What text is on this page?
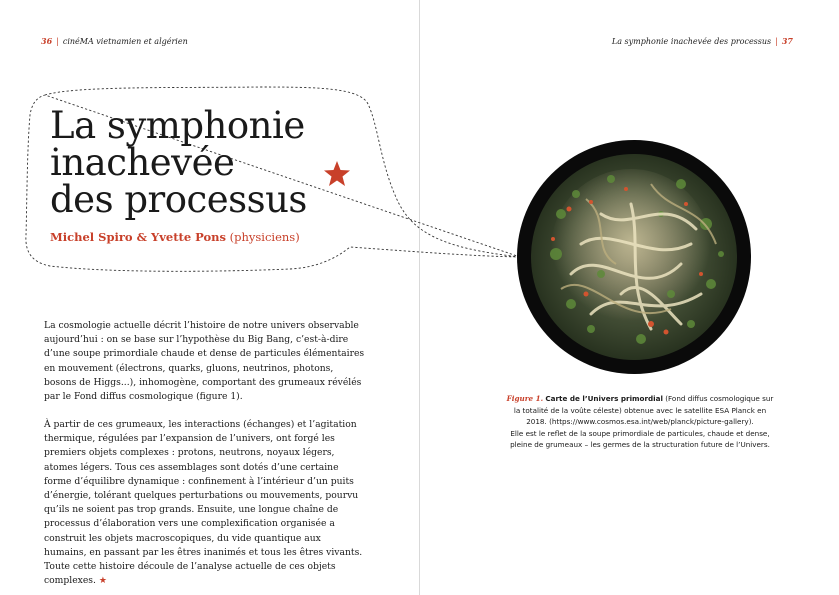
36 | cinéMA vietnamien et algérien	La symphonie inachevée des processus | 37
La symphonie
inachevée
des processus
Michel Spiro & Yvette Pons (physiciens)
La cosmologie actuelle décrit l’histoire de notre univers observable aujourd’hui : on se base sur l’hypothèse du Big Bang, c’est-à-dire d’une soupe primordiale chaude et dense de particules élémentaires en mouvement (électrons, quarks, gluons, neutrinos, photons, bosons de Higgs...), inhomogène, comportant des grumeaux révélés par le Fond diffus cosmologique (figure 1).
À partir de ces grumeaux, les interactions (échanges) et l’agitation thermique, régulées par l’expansion de l’univers, ont forgé les premiers objets complexes : protons, neutrons, noyaux légers, atomes légers. Tous ces assemblages sont dotés d’une certaine forme d’équilibre dynamique : confinement à l’intérieur d’un puits d’énergie, tolérant quelques perturbations ou mouvements, pourvu qu’ils ne soient pas trop grands. Ensuite, une longue chaîne de processus d’élaboration vers une complexification organisée a construit les objets macroscopiques, du vide quantique aux humains, en passant par les êtres inanimés et tous les êtres vivants. Toute cette histoire découle de l’analyse actuelle de ces objets complexes. ★
Figure 1. Carte de l’Univers primordial (Fond diffus cosmologique sur
la totalité de la voûte céleste) obtenue avec le satellite ESA Planck en
2018. (https://www.cosmos.esa.int/web/planck/picture-gallery).
Elle est le reflet de la soupe primordiale de particules, chaude et dense,
pleine de grumeaux – les germes de la structuration future de l’Univers.
